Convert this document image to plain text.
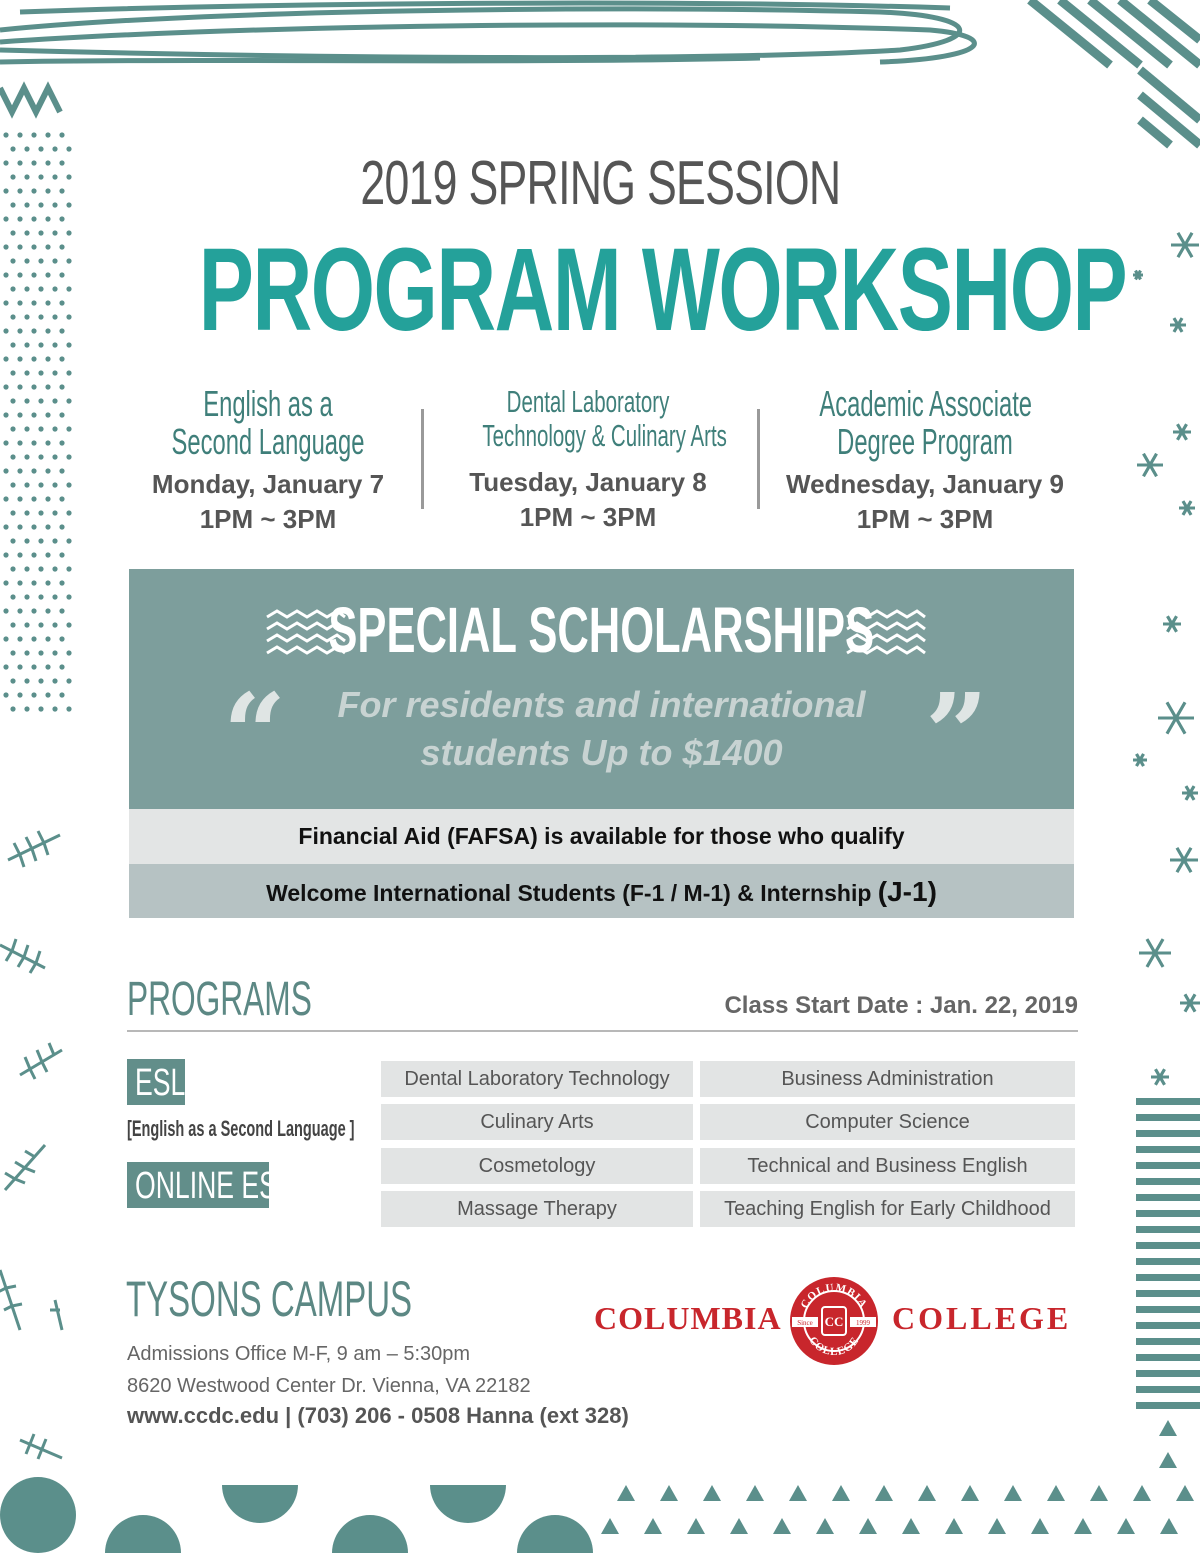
2019 SPRING SESSION
PROGRAM WORKSHOP
English as a
Second Language
Monday, January 7
1PM ~ 3PM
Dental Laboratory
Technology & Culinary Arts
Tuesday, January 8
1PM ~ 3PM
Academic Associate
Degree Program
Wednesday, January 9
1PM ~ 3PM
SPECIAL SCHOLARSHIPS
“	For residents and international
students Up to $1400	”
Financial Aid (FAFSA) is available for those who qualify
Welcome International Students (F-1 / M-1) & Internship (J-1)
PROGRAMS	Class Start Date : Jan. 22, 2019
ESL
[English as a Second Language ]
ONLINE ESL
Dental Laboratory Technology
Culinary Arts
Cosmetology
Massage Therapy
Business Administration
Computer Science
Technical and Business English
Teaching English for Early Childhood
TYSONS CAMPUS
Admissions Office M-F, 9 am – 5:30pm
8620 Westwood Center Dr. Vienna, VA 22182
www.ccdc.edu | (703) 206 - 0508 Hanna (ext 328)
COLUMBIA COLUMBIA
COLLEGE
CC
Since	1999 COLLEGE
